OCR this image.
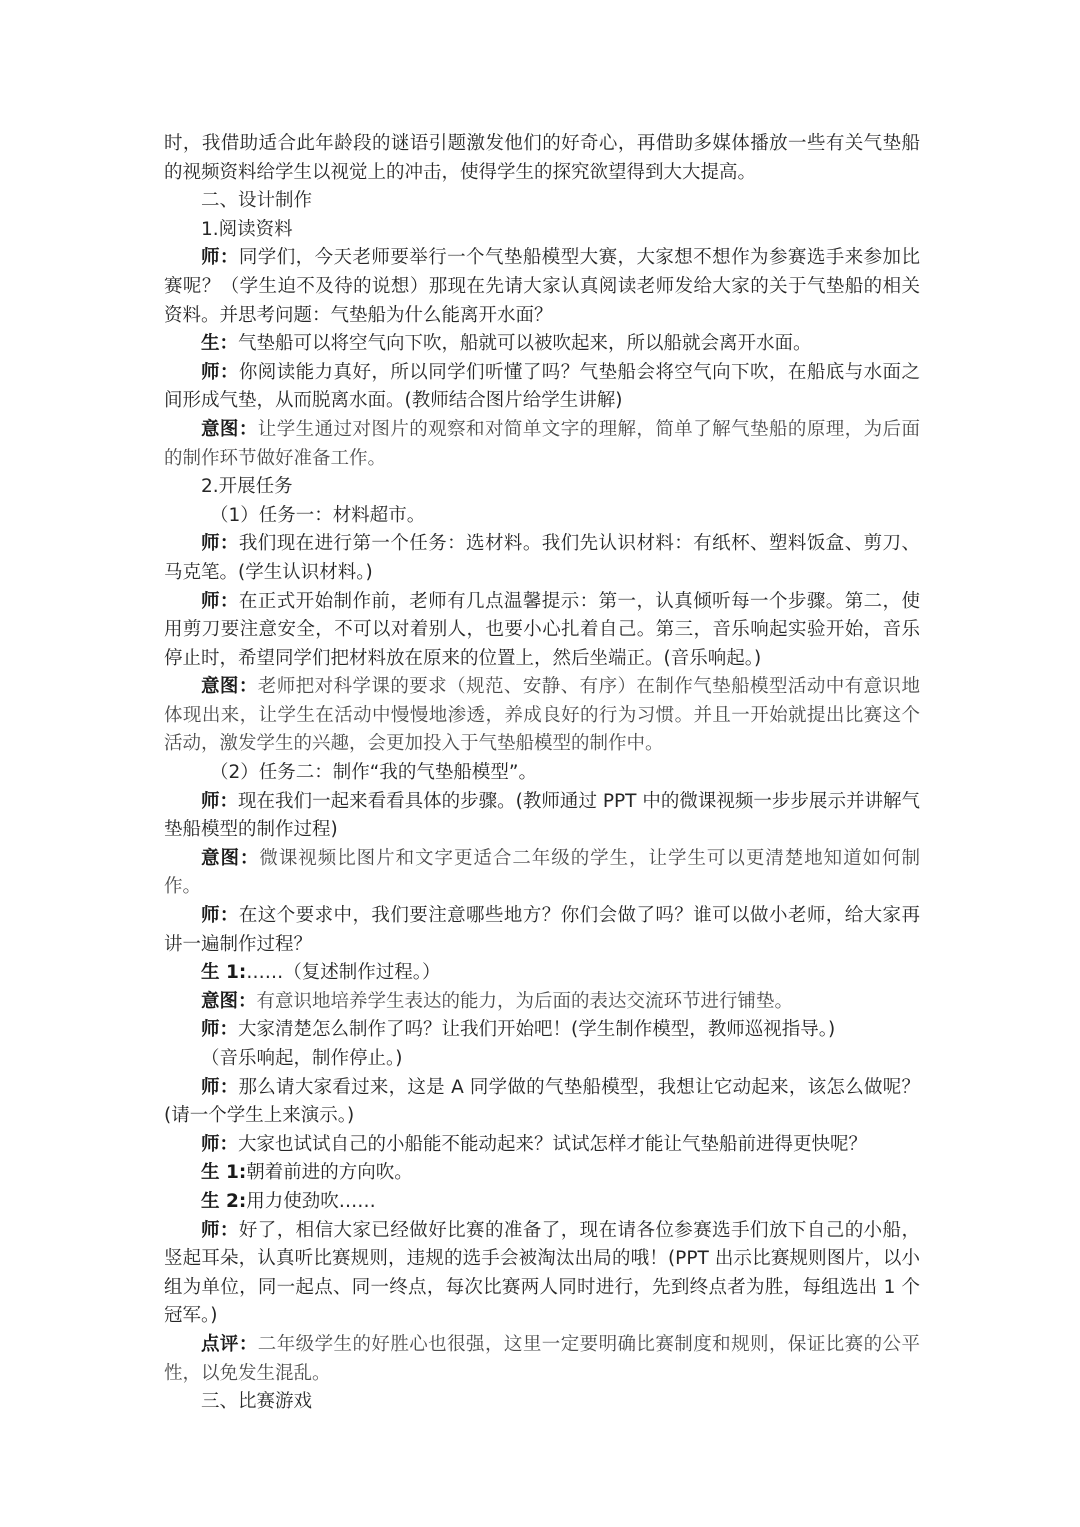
时，我借助适合此年龄段的谜语引题激发他们的好奇心，再借助多媒体播放一些有关气垫船的视频资料给学生以视觉上的冲击，使得学生的探究欲望得到大大提高。

二、设计制作

1.阅读资料

师：同学们，今天老师要举行一个气垫船模型大赛，大家想不想作为参赛选手来参加比赛呢？（学生迫不及待的说想）那现在先请大家认真阅读老师发给大家的关于气垫船的相关资料。并思考问题：气垫船为什么能离开水面？

生：气垫船可以将空气向下吹，船就可以被吹起来，所以船就会离开水面。

师：你阅读能力真好，所以同学们听懂了吗？气垫船会将空气向下吹，在船底与水面之间形成气垫，从而脱离水面。(教师结合图片给学生讲解)

意图：让学生通过对图片的观察和对简单文字的理解，简单了解气垫船的原理，为后面的制作环节做好准备工作。

2.开展任务

（1）任务一：材料超市。

师：我们现在进行第一个任务：选材料。我们先认识材料：有纸杯、塑料饭盒、剪刀、马克笔。(学生认识材料。)

师：在正式开始制作前，老师有几点温馨提示：第一，认真倾听每一个步骤。第二，使用剪刀要注意安全，不可以对着别人，也要小心扎着自己。第三，音乐响起实验开始，音乐停止时，希望同学们把材料放在原来的位置上，然后坐端正。(音乐响起。)

意图：老师把对科学课的要求（规范、安静、有序）在制作气垫船模型活动中有意识地体现出来，让学生在活动中慢慢地渗透，养成良好的行为习惯。并且一开始就提出比赛这个活动，激发学生的兴趣，会更加投入于气垫船模型的制作中。

（2）任务二：制作“我的气垫船模型”。

师：现在我们一起来看看具体的步骤。(教师通过 PPT 中的微课视频一步步展示并讲解气垫船模型的制作过程)

意图：微课视频比图片和文字更适合二年级的学生，让学生可以更清楚地知道如何制作。

师：在这个要求中，我们要注意哪些地方？你们会做了吗？谁可以做小老师，给大家再讲一遍制作过程？

生 1:……（复述制作过程。）

意图：有意识地培养学生表达的能力，为后面的表达交流环节进行铺垫。

师：大家清楚怎么制作了吗？让我们开始吧！(学生制作模型，教师巡视指导。)

（音乐响起，制作停止。)

师：那么请大家看过来，这是 A 同学做的气垫船模型，我想让它动起来，该怎么做呢？(请一个学生上来演示。)

师：大家也试试自己的小船能不能动起来？试试怎样才能让气垫船前进得更快呢？

生 1:朝着前进的方向吹。

生 2:用力使劲吹……

师：好了，相信大家已经做好比赛的准备了，现在请各位参赛选手们放下自己的小船，竖起耳朵，认真听比赛规则，违规的选手会被淘汰出局的哦！(PPT 出示比赛规则图片，以小组为单位，同一起点、同一终点，每次比赛两人同时进行，先到终点者为胜，每组选出 1 个冠军。)

点评：二年级学生的好胜心也很强，这里一定要明确比赛制度和规则，保证比赛的公平性，以免发生混乱。

三、比赛游戏
